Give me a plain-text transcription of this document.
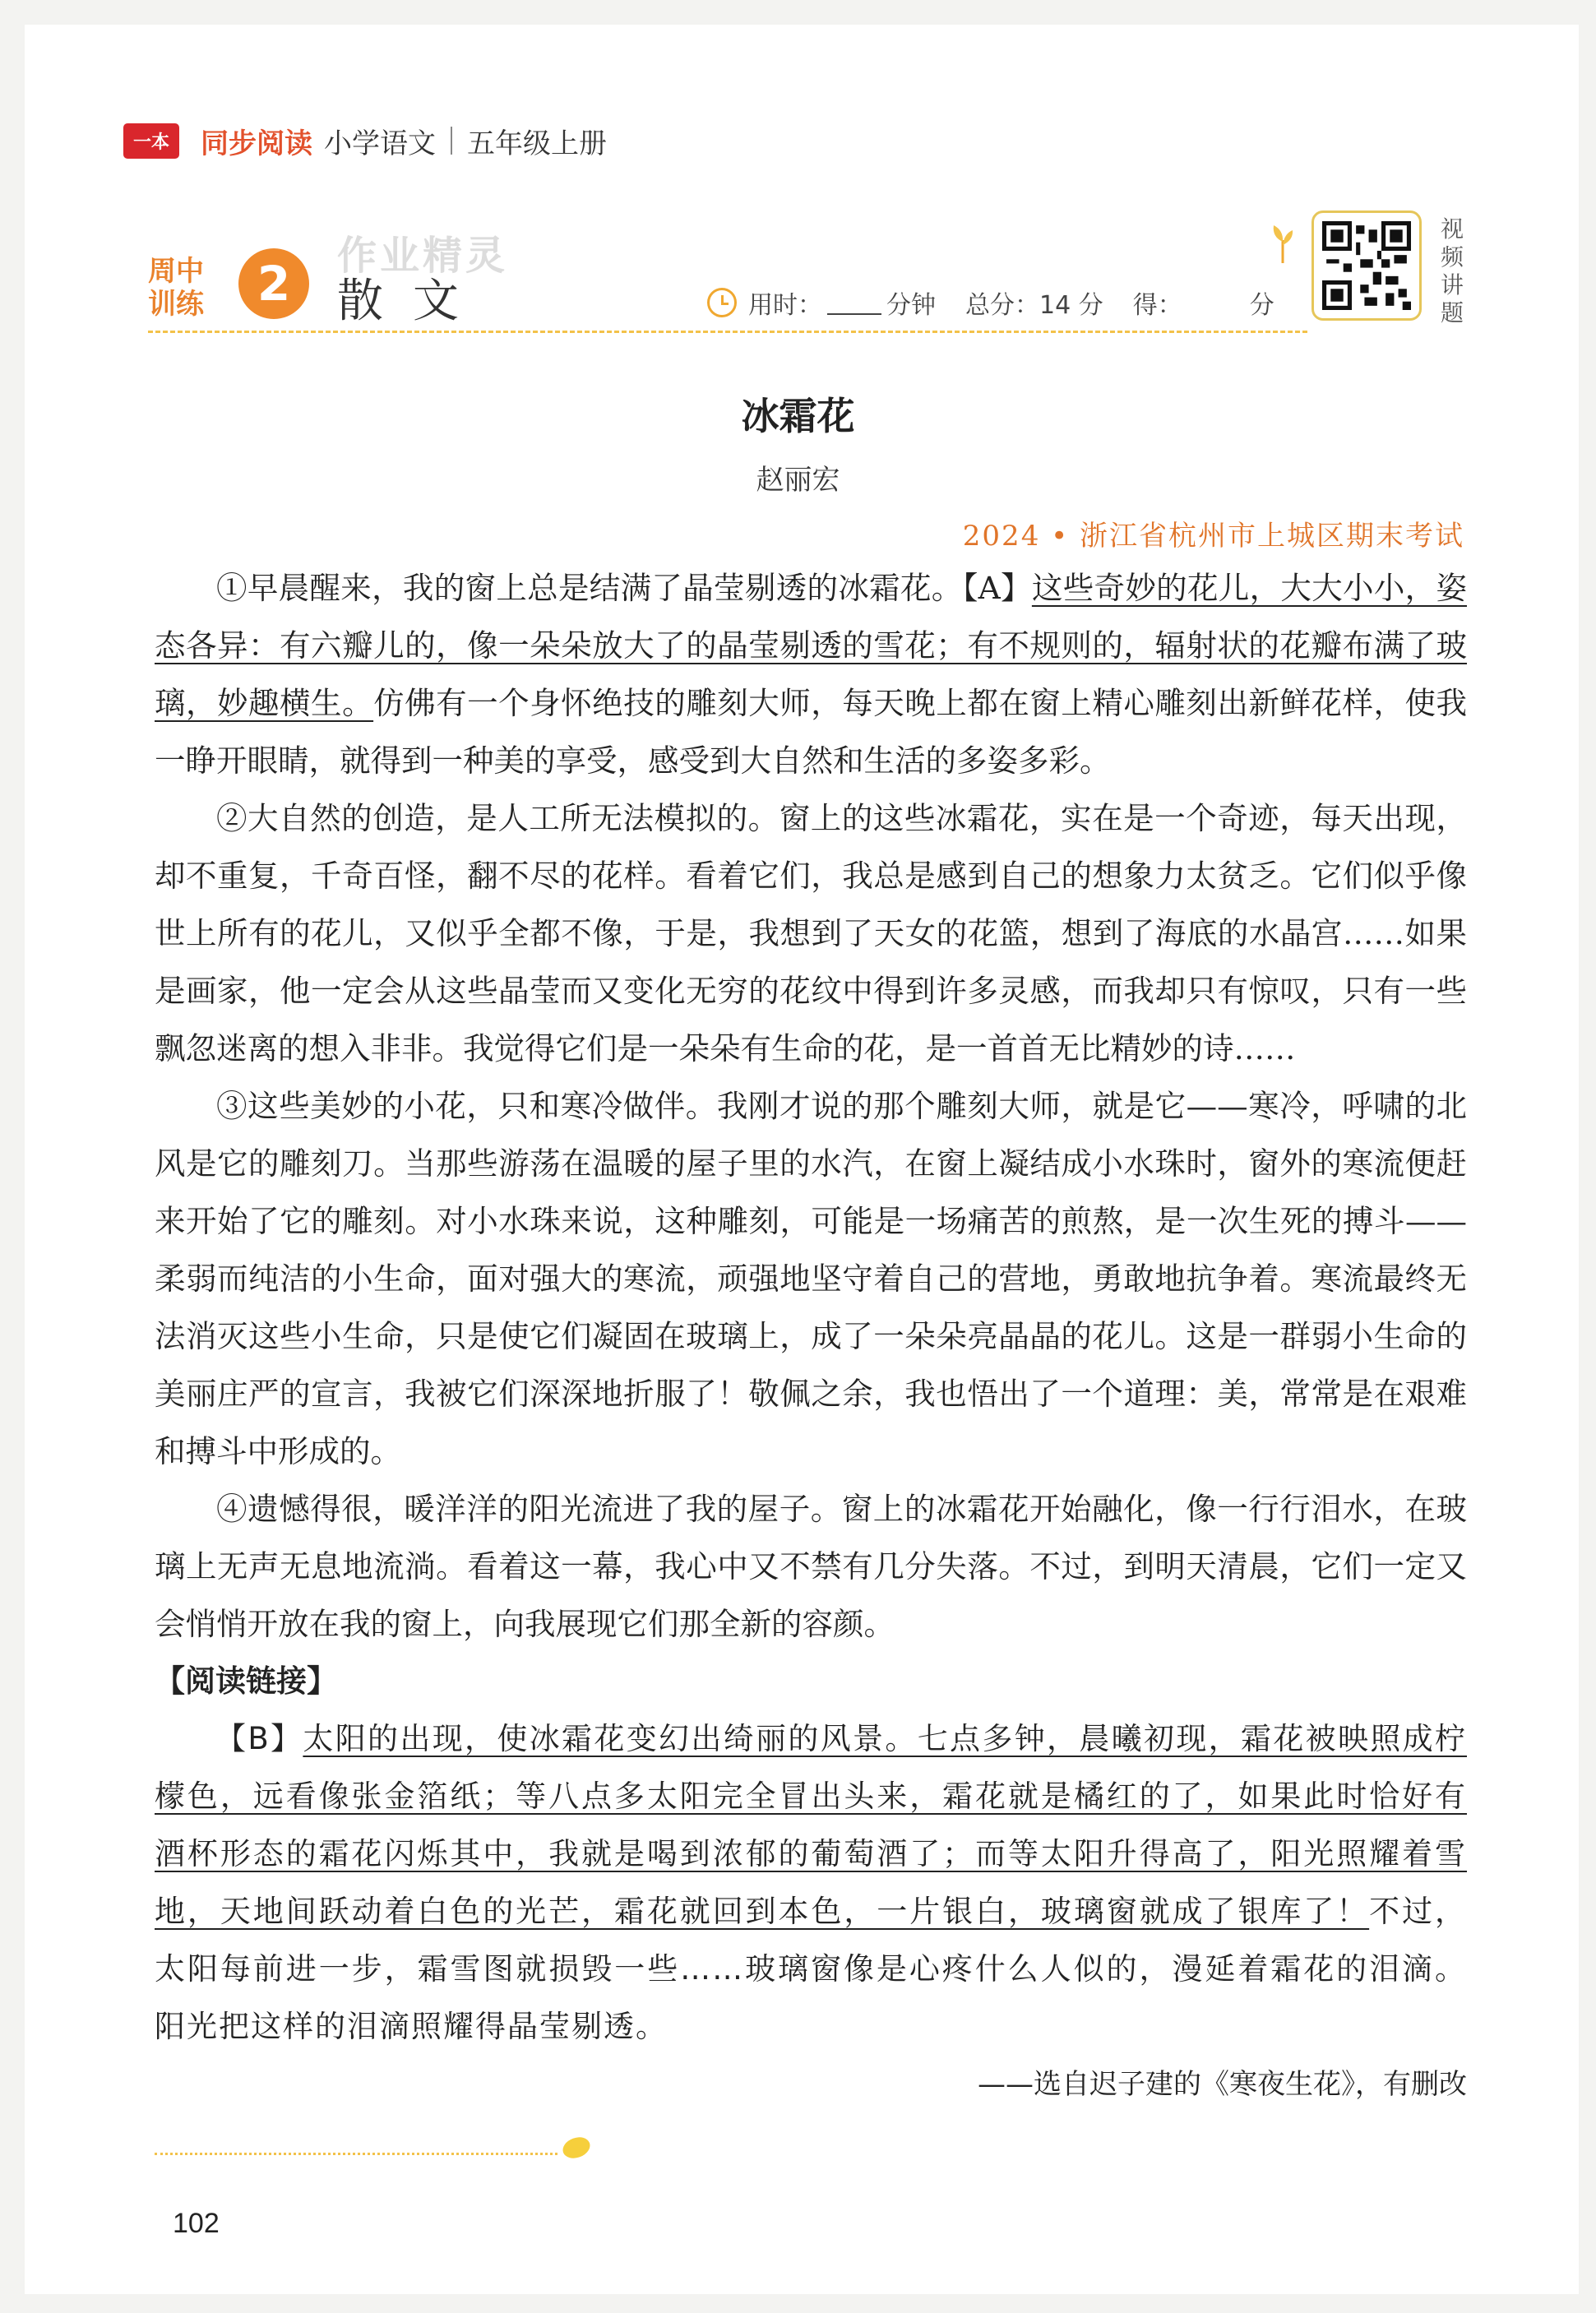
一本	同步阅读 小学语文 五年级上册
作业精灵
周中
训练	2	散文	用时：	分钟 总分：14 分 得：	分
视频讲题
冰霜花
赵丽宏
2024 • 浙江省杭州市上城区期末考试

①早晨醒来，我的窗上总是结满了晶莹剔透的冰霜花。【A】这些奇妙的花儿，大大小小，姿态各异：有六瓣儿的，像一朵朵放大了的晶莹剔透的雪花；有不规则的，辐射状的花瓣布满了玻璃，妙趣横生。仿佛有一个身怀绝技的雕刻大师，每天晚上都在窗上精心雕刻出新鲜花样，使我一睁开眼睛，就得到一种美的享受，感受到大自然和生活的多姿多彩。

②大自然的创造，是人工所无法模拟的。窗上的这些冰霜花，实在是一个奇迹，每天出现，却不重复，千奇百怪，翻不尽的花样。看着它们，我总是感到自己的想象力太贫乏。它们似乎像世上所有的花儿，又似乎全都不像，于是，我想到了天女的花篮，想到了海底的水晶宫……如果是画家，他一定会从这些晶莹而又变化无穷的花纹中得到许多灵感，而我却只有惊叹，只有一些飘忽迷离的想入非非。我觉得它们是一朵朵有生命的花，是一首首无比精妙的诗……

③这些美妙的小花，只和寒冷做伴。我刚才说的那个雕刻大师，就是它——寒冷，呼啸的北风是它的雕刻刀。当那些游荡在温暖的屋子里的水汽，在窗上凝结成小水珠时，窗外的寒流便赶来开始了它的雕刻。对小水珠来说，这种雕刻，可能是一场痛苦的煎熬，是一次生死的搏斗——柔弱而纯洁的小生命，面对强大的寒流，顽强地坚守着自己的营地，勇敢地抗争着。寒流最终无法消灭这些小生命，只是使它们凝固在玻璃上，成了一朵朵亮晶晶的花儿。这是一群弱小生命的美丽庄严的宣言，我被它们深深地折服了！敬佩之余，我也悟出了一个道理：美，常常是在艰难和搏斗中形成的。

④遗憾得很，暖洋洋的阳光流进了我的屋子。窗上的冰霜花开始融化，像一行行泪水，在玻璃上无声无息地流淌。看着这一幕，我心中又不禁有几分失落。不过，到明天清晨，它们一定又会悄悄开放在我的窗上，向我展现它们那全新的容颜。

【阅读链接】

【B】太阳的出现，使冰霜花变幻出绮丽的风景。七点多钟，晨曦初现，霜花被映照成柠檬色，远看像张金箔纸；等八点多太阳完全冒出头来，霜花就是橘红的了，如果此时恰好有酒杯形态的霜花闪烁其中，我就是喝到浓郁的葡萄酒了；而等太阳升得高了，阳光照耀着雪地，天地间跃动着白色的光芒，霜花就回到本色，一片银白，玻璃窗就成了银库了！不过，太阳每前进一步，霜雪图就损毁一些……玻璃窗像是心疼什么人似的，漫延着霜花的泪滴。阳光把这样的泪滴照耀得晶莹剔透。

——选自迟子建的《寒夜生花》，有删改

102
